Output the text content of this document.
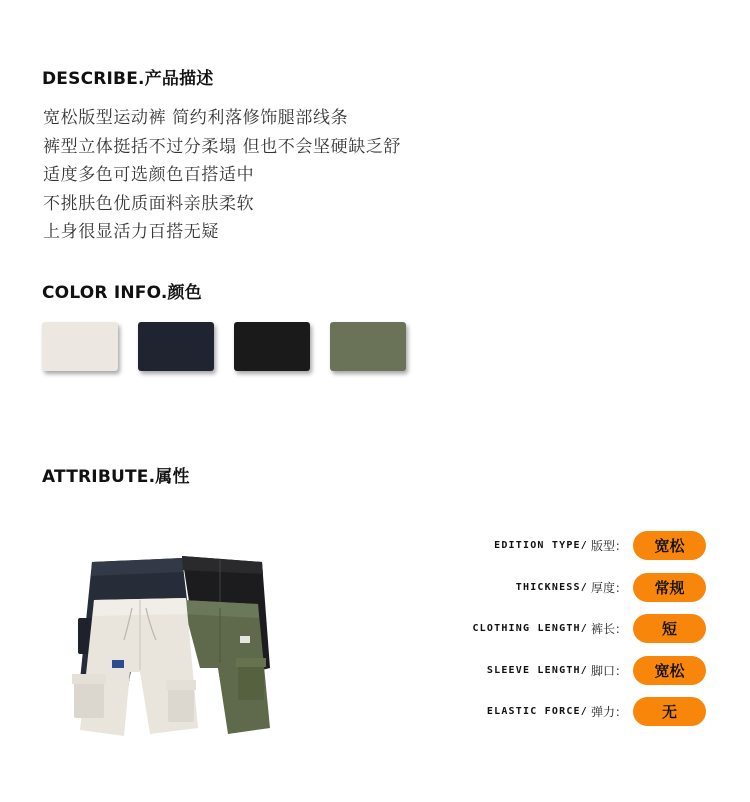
DESCRIBE.产品描述
宽松版型运动裤 简约利落修饰腿部线条
裤型立体挺括不过分柔塌 但也不会坚硬缺乏舒
适度多色可选颜色百搭适中
不挑肤色优质面料亲肤柔软
上身很显活力百搭无疑
COLOR INFO.颜色
ATTRIBUTE.属性
EDITION TYPE/ 版型：	宽松
THICKNESS/ 厚度：	常规
CLOTHING LENGTH/ 裤长：	短
SLEEVE LENGTH/ 脚口：	宽松
ELASTIC FORCE/ 弹力：	无
